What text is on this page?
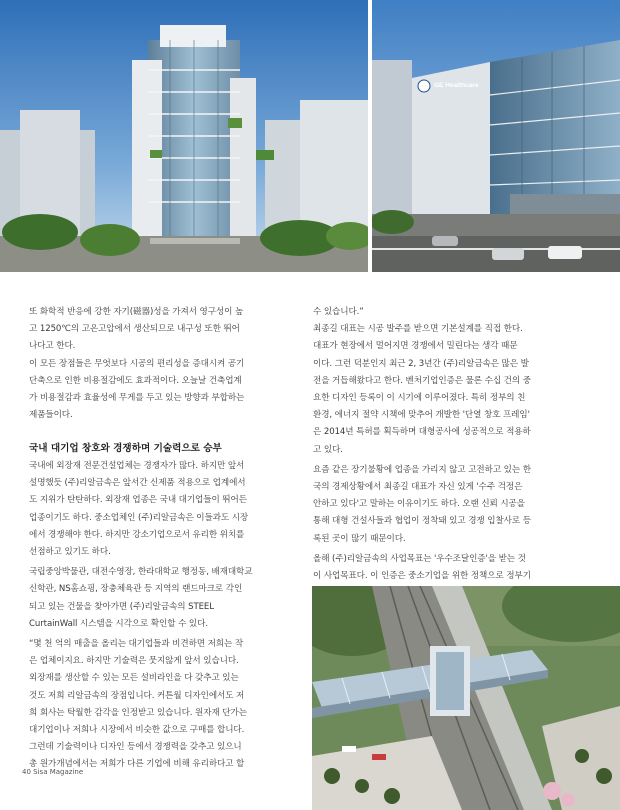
GE Healthcare

또 화학적 반응에 강한 자기(磁器)성을 가져서 영구성이 높

고 1250℃의 고온고압에서 생산되므로 내구성 또한 뛰어

나다고 한다.

이 모든 장점들은 무엇보다 시공의 편리성을 증대시켜 공기

단축으로 인한 비용절감에도 효과적이다. 오늘날 건축업계

가 비용절감과 효율성에 무게를 두고 있는 방향과 부합하는

제품들이다.

국내 대기업 창호와 경쟁하며 기술력으로 승부

국내에 외장재 전문건설업체는 경쟁자가 많다. 하지만 앞서

설명했듯 (주)리알금속은 앞서간 신제품 적용으로 업계에서

도 지위가 탄탄하다. 외장재 업종은 국내 대기업들이 뛰어든

업종이기도 하다. 중소업체인 (주)리알금속은 이들과도 시장

에서 경쟁해야 한다. 하지만 강소기업으로서 유리한 위치를

선점하고 있기도 하다.

국립중앙박물관, 대전수영장, 한라대학교 행정동, 배재대학교

신학관, NS홈쇼핑, 장충체육관 등 지역의 랜드마크로 각인

되고 있는 건물을 찾아가면 (주)리알금속의 STEEL

CurtainWall 시스템을 시각으로 확인할 수 있다.

“몇 천 억의 매출을 올리는 대기업들과 비견하면 저희는 작

은 업체이지요. 하지만 기술력은 뭇지않게 앞서 있습니다.

외장재를 생산할 수 있는 모든 설비라인을 다 갖추고 있는

것도 저희 리알금속의 장점입니다. 커튼월 디자인에서도 저

희 회사는 탁월한 감각을 인정받고 있습니다. 원자재 단가는

대기업이나 저희나 시장에서 비슷한 값으로 구매를 합니다.

그런데 기술력이나 디자인 등에서 경쟁력을 갖추고 있으니

총 원가개념에서는 저희가 다른 기업에 비해 유리하다고 할

수 있습니다.”

최종길 대표는 시공 발주를 받으면 기본설계를 직접 한다.

대표가 현장에서 멀어지면 경쟁에서 밀린다는 생각 때문

이다. 그런 덕분인지 최근 2, 3년간 (주)리알금속은 많은 발

전을 거듭해왔다고 한다. 벤처기업인증은 물론 수십 건의 중

요한 디자인 등록이 이 시기에 이루어졌다. 특히 정부의 친

환경, 에너지 절약 시책에 맞추어 개발한 '단열 창호 프레임'

은 2014년 특허를 획득하며 대형공사에 성공적으로 적용하

고 있다.

요즘 같은 장기불황에 업종을 가리지 않고 고전하고 있는 한

국의 경제상황에서 최종길 대표가 자신 있게 '수주 걱정은

안하고 있다'고 말하는 이유이기도 하다. 오랜 신뢰 시공을

통해 대형 건설사들과 협업이 정착돼 있고 경쟁 입찰사로 등

록된 곳이 많기 때문이다.

올해 (주)리알금속의 사업목표는 '우수조달인증'을 받는 것

이 사업목표다. 이 인증은 중소기업을 위한 정책으로 정부기

40 Sisa Magazine
